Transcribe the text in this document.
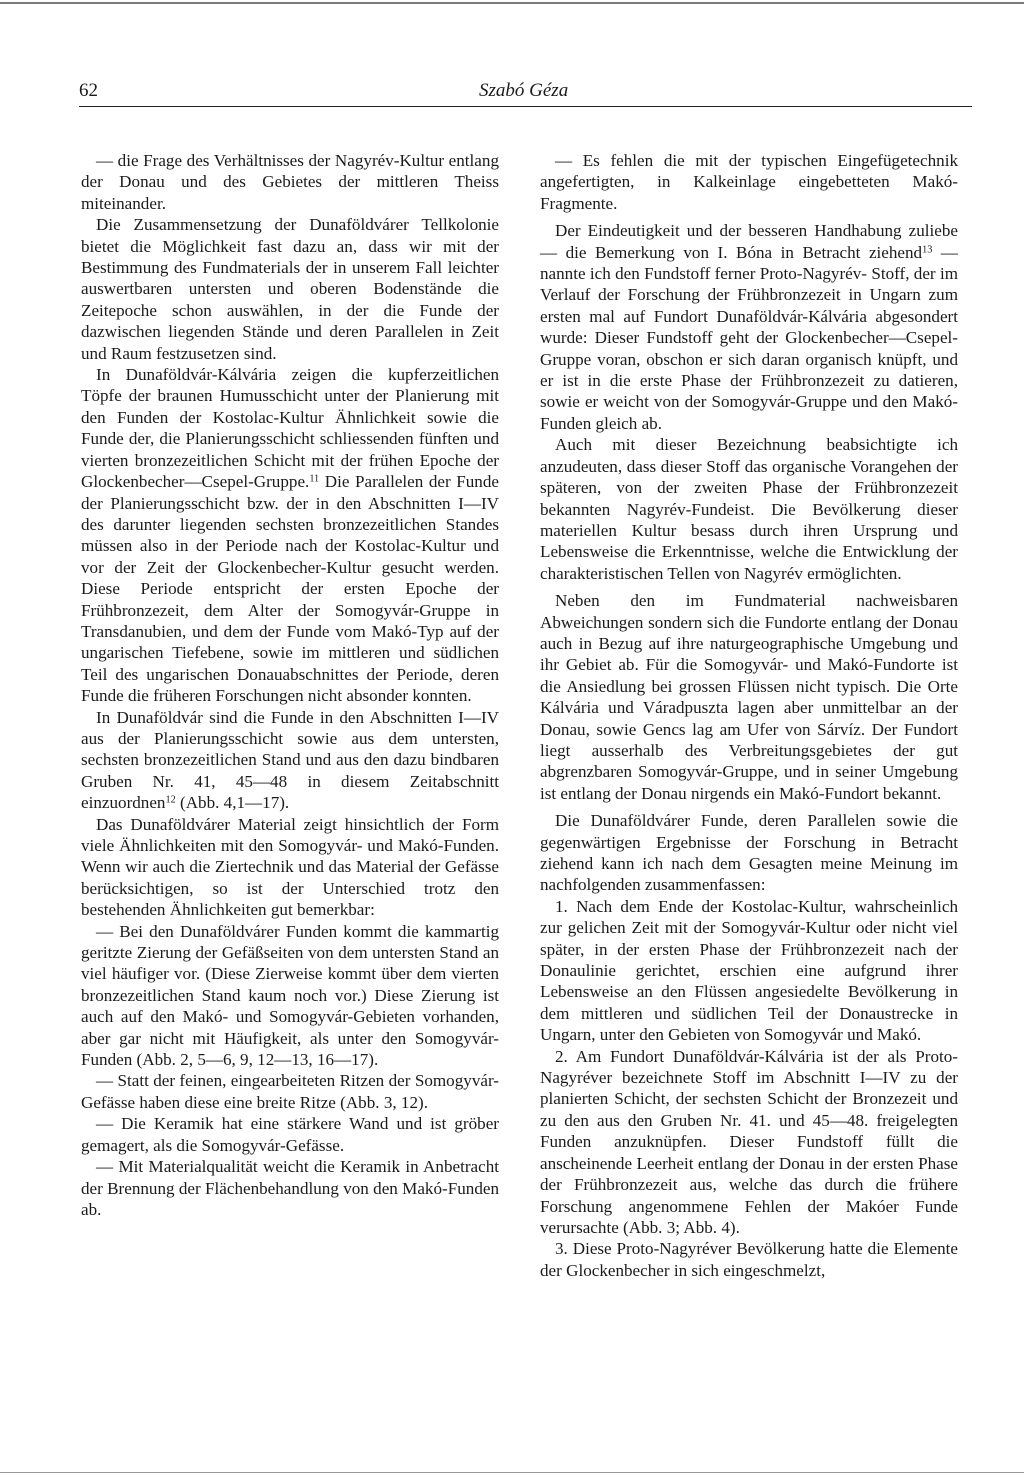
62	Szabó Géza

— die Frage des Verhältnisses der Nagyrév-Kultur entlang der Donau und des Gebietes der mittleren Theiss miteinander.

Die Zusammensetzung der Dunaföldvárer Tellkolonie bietet die Möglichkeit fast dazu an, dass wir mit der Bestimmung des Fundmaterials der in unserem Fall leichter auswertbaren untersten und oberen Bodenstände die Zeitepoche schon auswählen, in der die Funde der dazwischen liegenden Stände und deren Parallelen in Zeit und Raum festzusetzen sind.

In Dunaföldvár-Kálvária zeigen die kupferzeitlichen Töpfe der braunen Humusschicht unter der Planierung mit den Funden der Kostolac-Kultur Ähnlichkeit sowie die Funde der, die Planierungsschicht schliessenden fünften und vierten bronzezeitlichen Schicht mit der frühen Epoche der Glockenbecher—Csepel-Gruppe.$^{11}$ Die Parallelen der Funde der Planierungsschicht bzw. der in den Abschnitten I—IV des darunter liegenden sechsten bronzezeitlichen Standes müssen also in der Periode nach der Kostolac-Kultur und vor der Zeit der Glockenbecher-Kultur gesucht werden. Diese Periode entspricht der ersten Epoche der Frühbronzezeit, dem Alter der Somogyvár-Gruppe in Transdanubien, und dem der Funde vom Makó-Typ auf der ungarischen Tiefebene, sowie im mittleren und südlichen Teil des ungarischen Donauabschnittes der Periode, deren Funde die früheren Forschungen nicht absonder konnten.

In Dunaföldvár sind die Funde in den Abschnitten I—IV aus der Planierungsschicht sowie aus dem untersten, sechsten bronzezeitlichen Stand und aus den dazu bindbaren Gruben Nr. 41, 45—48 in diesem Zeitabschnitt einzuordnen$^{12}$ (Abb. 4,1—17).

Das Dunaföldvárer Material zeigt hinsichtlich der Form viele Ähnlichkeiten mit den Somogyvár- und Makó-Funden. Wenn wir auch die Ziertechnik und das Material der Gefässe berücksichtigen, so ist der Unterschied trotz den bestehenden Ähnlichkeiten gut bemerkbar:

— Bei den Dunaföldvárer Funden kommt die kammartig geritzte Zierung der Gefäßseiten von dem untersten Stand an viel häufiger vor. (Diese Zierweise kommt über dem vierten bronzezeitlichen Stand kaum noch vor.) Diese Zierung ist auch auf den Makó- und Somogyvár-Gebieten vorhanden, aber gar nicht mit Häufigkeit, als unter den Somogyvár-Funden (Abb. 2, 5—6, 9, 12—13, 16—17).

— Statt der feinen, eingearbeiteten Ritzen der Somogyvár-Gefässe haben diese eine breite Ritze (Abb. 3, 12).

— Die Keramik hat eine stärkere Wand und ist gröber gemagert, als die Somogyvár-Gefässe.

— Mit Materialqualität weicht die Keramik in Anbetracht der Brennung der Flächenbehandlung von den Makó-Funden ab.

— Es fehlen die mit der typischen Eingefügetechnik angefertigten, in Kalkeinlage eingebetteten Makó-Fragmente.

Der Eindeutigkeit und der besseren Handhabung zuliebe — die Bemerkung von I. Bóna in Betracht ziehend$^{13}$ — nannte ich den Fundstoff ferner Proto-Nagyrév- Stoff, der im Verlauf der Forschung der Frühbronzezeit in Ungarn zum ersten mal auf Fundort Dunaföldvár-Kálvária abgesondert wurde: Dieser Fundstoff geht der Glockenbecher—Csepel-Gruppe voran, obschon er sich daran organisch knüpft, und er ist in die erste Phase der Frühbronzezeit zu datieren, sowie er weicht von der Somogyvár-Gruppe und den Makó-Funden gleich ab.

Auch mit dieser Bezeichnung beabsichtigte ich anzudeuten, dass dieser Stoff das organische Vorangehen der späteren, von der zweiten Phase der Frühbronzezeit bekannten Nagyrév-Fundeist. Die Bevölkerung dieser materiellen Kultur besass durch ihren Ursprung und Lebensweise die Erkenntnisse, welche die Entwicklung der charakteristischen Tellen von Nagyrév ermöglichten.

Neben den im Fundmaterial nachweisbaren Abweichungen sondern sich die Fundorte entlang der Donau auch in Bezug auf ihre naturgeographische Umgebung und ihr Gebiet ab. Für die Somogyvár- und Makó-Fundorte ist die Ansiedlung bei grossen Flüssen nicht typisch. Die Orte Kálvária und Váradpuszta lagen aber unmittelbar an der Donau, sowie Gencs lag am Ufer von Sárvíz. Der Fundort liegt ausserhalb des Verbreitungsgebietes der gut abgrenzbaren Somogyvár-Gruppe, und in seiner Umgebung ist entlang der Donau nirgends ein Makó-Fundort bekannt.

Die Dunaföldvárer Funde, deren Parallelen sowie die gegenwärtigen Ergebnisse der Forschung in Betracht ziehend kann ich nach dem Gesagten meine Meinung im nachfolgenden zusammenfassen:

1. Nach dem Ende der Kostolac-Kultur, wahrscheinlich zur gelichen Zeit mit der Somogyvár-Kultur oder nicht viel später, in der ersten Phase der Frühbronzezeit nach der Donaulinie gerichtet, erschien eine aufgrund ihrer Lebensweise an den Flüssen angesiedelte Bevölkerung in dem mittleren und südlichen Teil der Donaustrecke in Ungarn, unter den Gebieten von Somogyvár und Makó.

2. Am Fundort Dunaföldvár-Kálvária ist der als Proto-Nagyréver bezeichnete Stoff im Abschnitt I—IV zu der planierten Schicht, der sechsten Schicht der Bronzezeit und zu den aus den Gruben Nr. 41. und 45—48. freigelegten Funden anzuknüpfen. Dieser Fundstoff füllt die anscheinende Leerheit entlang der Donau in der ersten Phase der Frühbronzezeit aus, welche das durch die frühere Forschung angenommene Fehlen der Makóer Funde verursachte (Abb. 3; Abb. 4).

3. Diese Proto-Nagyréver Bevölkerung hatte die Elemente der Glockenbecher in sich eingeschmelzt,
